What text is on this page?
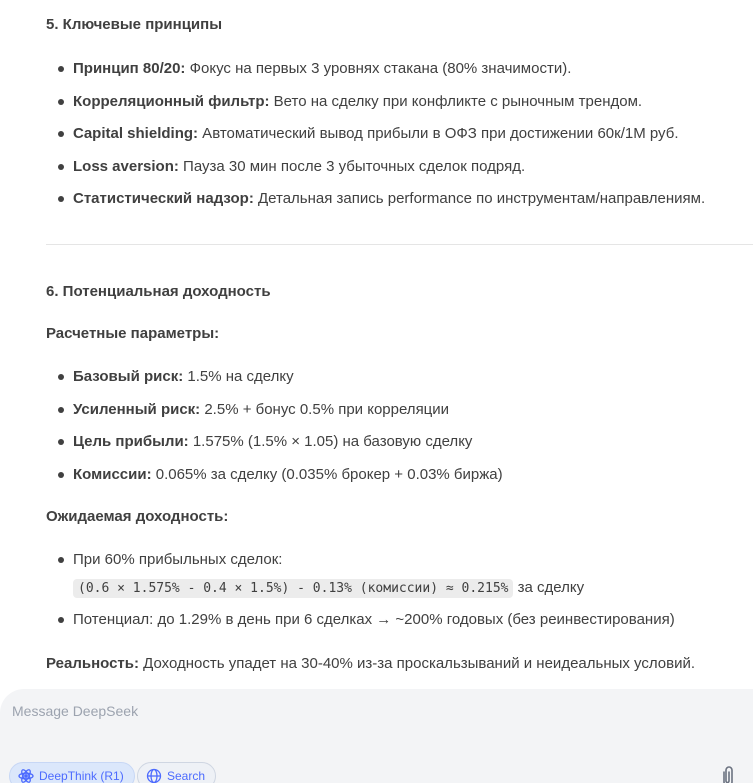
5. Ключевые принципы
Принцип 80/20: Фокус на первых 3 уровнях стакана (80% значимости).
Корреляционный фильтр: Вето на сделку при конфликте с рыночным трендом.
Capital shielding: Автоматический вывод прибыли в ОФЗ при достижении 60к/1М руб.
Loss aversion: Пауза 30 мин после 3 убыточных сделок подряд.
Статистический надзор: Детальная запись performance по инструментам/направлениям.
6. Потенциальная доходность
Расчетные параметры:
Базовый риск: 1.5% на сделку
Усиленный риск: 2.5% + бонус 0.5% при корреляции
Цель прибыли: 1.575% (1.5% × 1.05) на базовую сделку
Комиссии: 0.065% за сделку (0.035% брокер + 0.03% биржа)
Ожидаемая доходность:
При 60% прибыльных сделок:
(0.6 × 1.575% - 0.4 × 1.5%) - 0.13% (комиссии) ≈ 0.215% за сделку
Потенциал: до 1.29% в день при 6 сделках → ~200% годовых (без реинвестирования)
Реальность: Доходность упадет на 30-40% из-за проскальзываний и неидеальных условий.
Message DeepSeek
DeepThink (R1)	Search
